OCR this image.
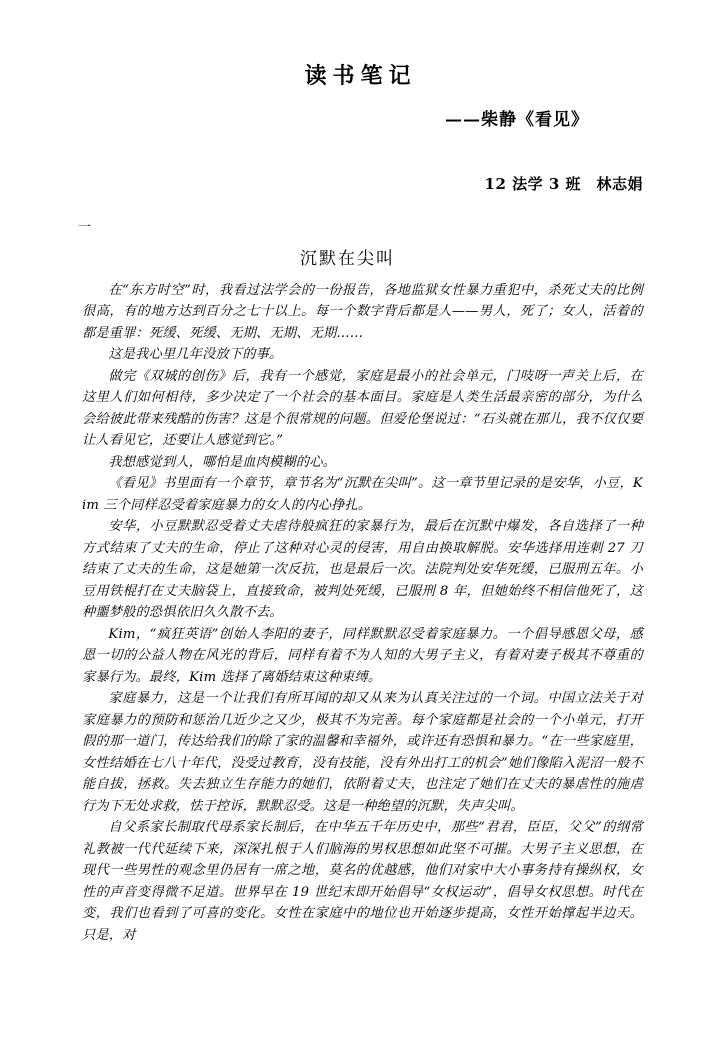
读书笔记

——柴静《看见》

12 法学 3 班　林志娟

一

沉默在尖叫

在“东方时空”时，我看过法学会的一份报告，各地监狱女性暴力重犯中，杀死丈夫的比例很高，有的地方达到百分之七十以上。每一个数字背后都是人——男人，死了；女人，活着的都是重罪：死缓、死缓、无期、无期、无期……

这是我心里几年没放下的事。

做完《双城的创伤》后，我有一个感觉，家庭是最小的社会单元，门吱呀一声关上后，在这里人们如何相待，多少决定了一个社会的基本面目。家庭是人类生活最亲密的部分，为什么会给彼此带来残酷的伤害？这是个很常规的问题。但爱伦堡说过：“石头就在那儿，我不仅仅要让人看见它，还要让人感觉到它。”

我想感觉到人，哪怕是血肉模糊的心。

《看见》书里面有一个章节，章节名为“沉默在尖叫”。这一章节里记录的是安华，小豆，Kim 三个同样忍受着家庭暴力的女人的内心挣扎。

安华，小豆默默忍受着丈夫虐待般疯狂的家暴行为，最后在沉默中爆发，各自选择了一种方式结束了丈夫的生命，停止了这种对心灵的侵害，用自由换取解脱。安华选择用连刺 27 刀结束了丈夫的生命，这是她第一次反抗，也是最后一次。法院判处安华死缓，已服刑五年。小豆用铁棍打在丈夫脑袋上，直接致命，被判处死缓，已服刑 8 年，但她始终不相信他死了，这种噩梦般的恐惧依旧久久散不去。

Kim，“疯狂英语”创始人李阳的妻子，同样默默忍受着家庭暴力。一个倡导感恩父母，感恩一切的公益人物在风光的背后，同样有着不为人知的大男子主义，有着对妻子极其不尊重的家暴行为。最终，Kim 选择了离婚结束这种束缚。

家庭暴力，这是一个让我们有所耳闻的却又从来为认真关注过的一个词。中国立法关于对家庭暴力的预防和惩治几近少之又少，极其不为完善。每个家庭都是社会的一个小单元，打开假的那一道门，传达给我们的除了家的温馨和幸福外，或许还有恐惧和暴力。“在一些家庭里，女性结婚在七八十年代，没受过教育，没有技能，没有外出打工的机会”她们像陷入泥沼一般不能自拔，拯救。失去独立生存能力的她们，依附着丈夫，也注定了她们在丈夫的暴虐性的施虐行为下无处求救，怯于控诉，默默忍受。这是一种绝望的沉默，失声尖叫。

自父系家长制取代母系家长制后，在中华五千年历史中，那些“君君，臣臣，父父”的纲常礼教被一代代延续下来，深深扎根于人们脑海的男权思想如此坚不可摧。大男子主义思想，在现代一些男性的观念里仍居有一席之地，莫名的优越感，他们对家中大小事务持有操纵权，女性的声音变得微不足道。世界早在 19 世纪末即开始倡导“女权运动”，倡导女权思想。时代在变，我们也看到了可喜的变化。女性在家庭中的地位也开始逐步提高，女性开始撑起半边天。只是，对
